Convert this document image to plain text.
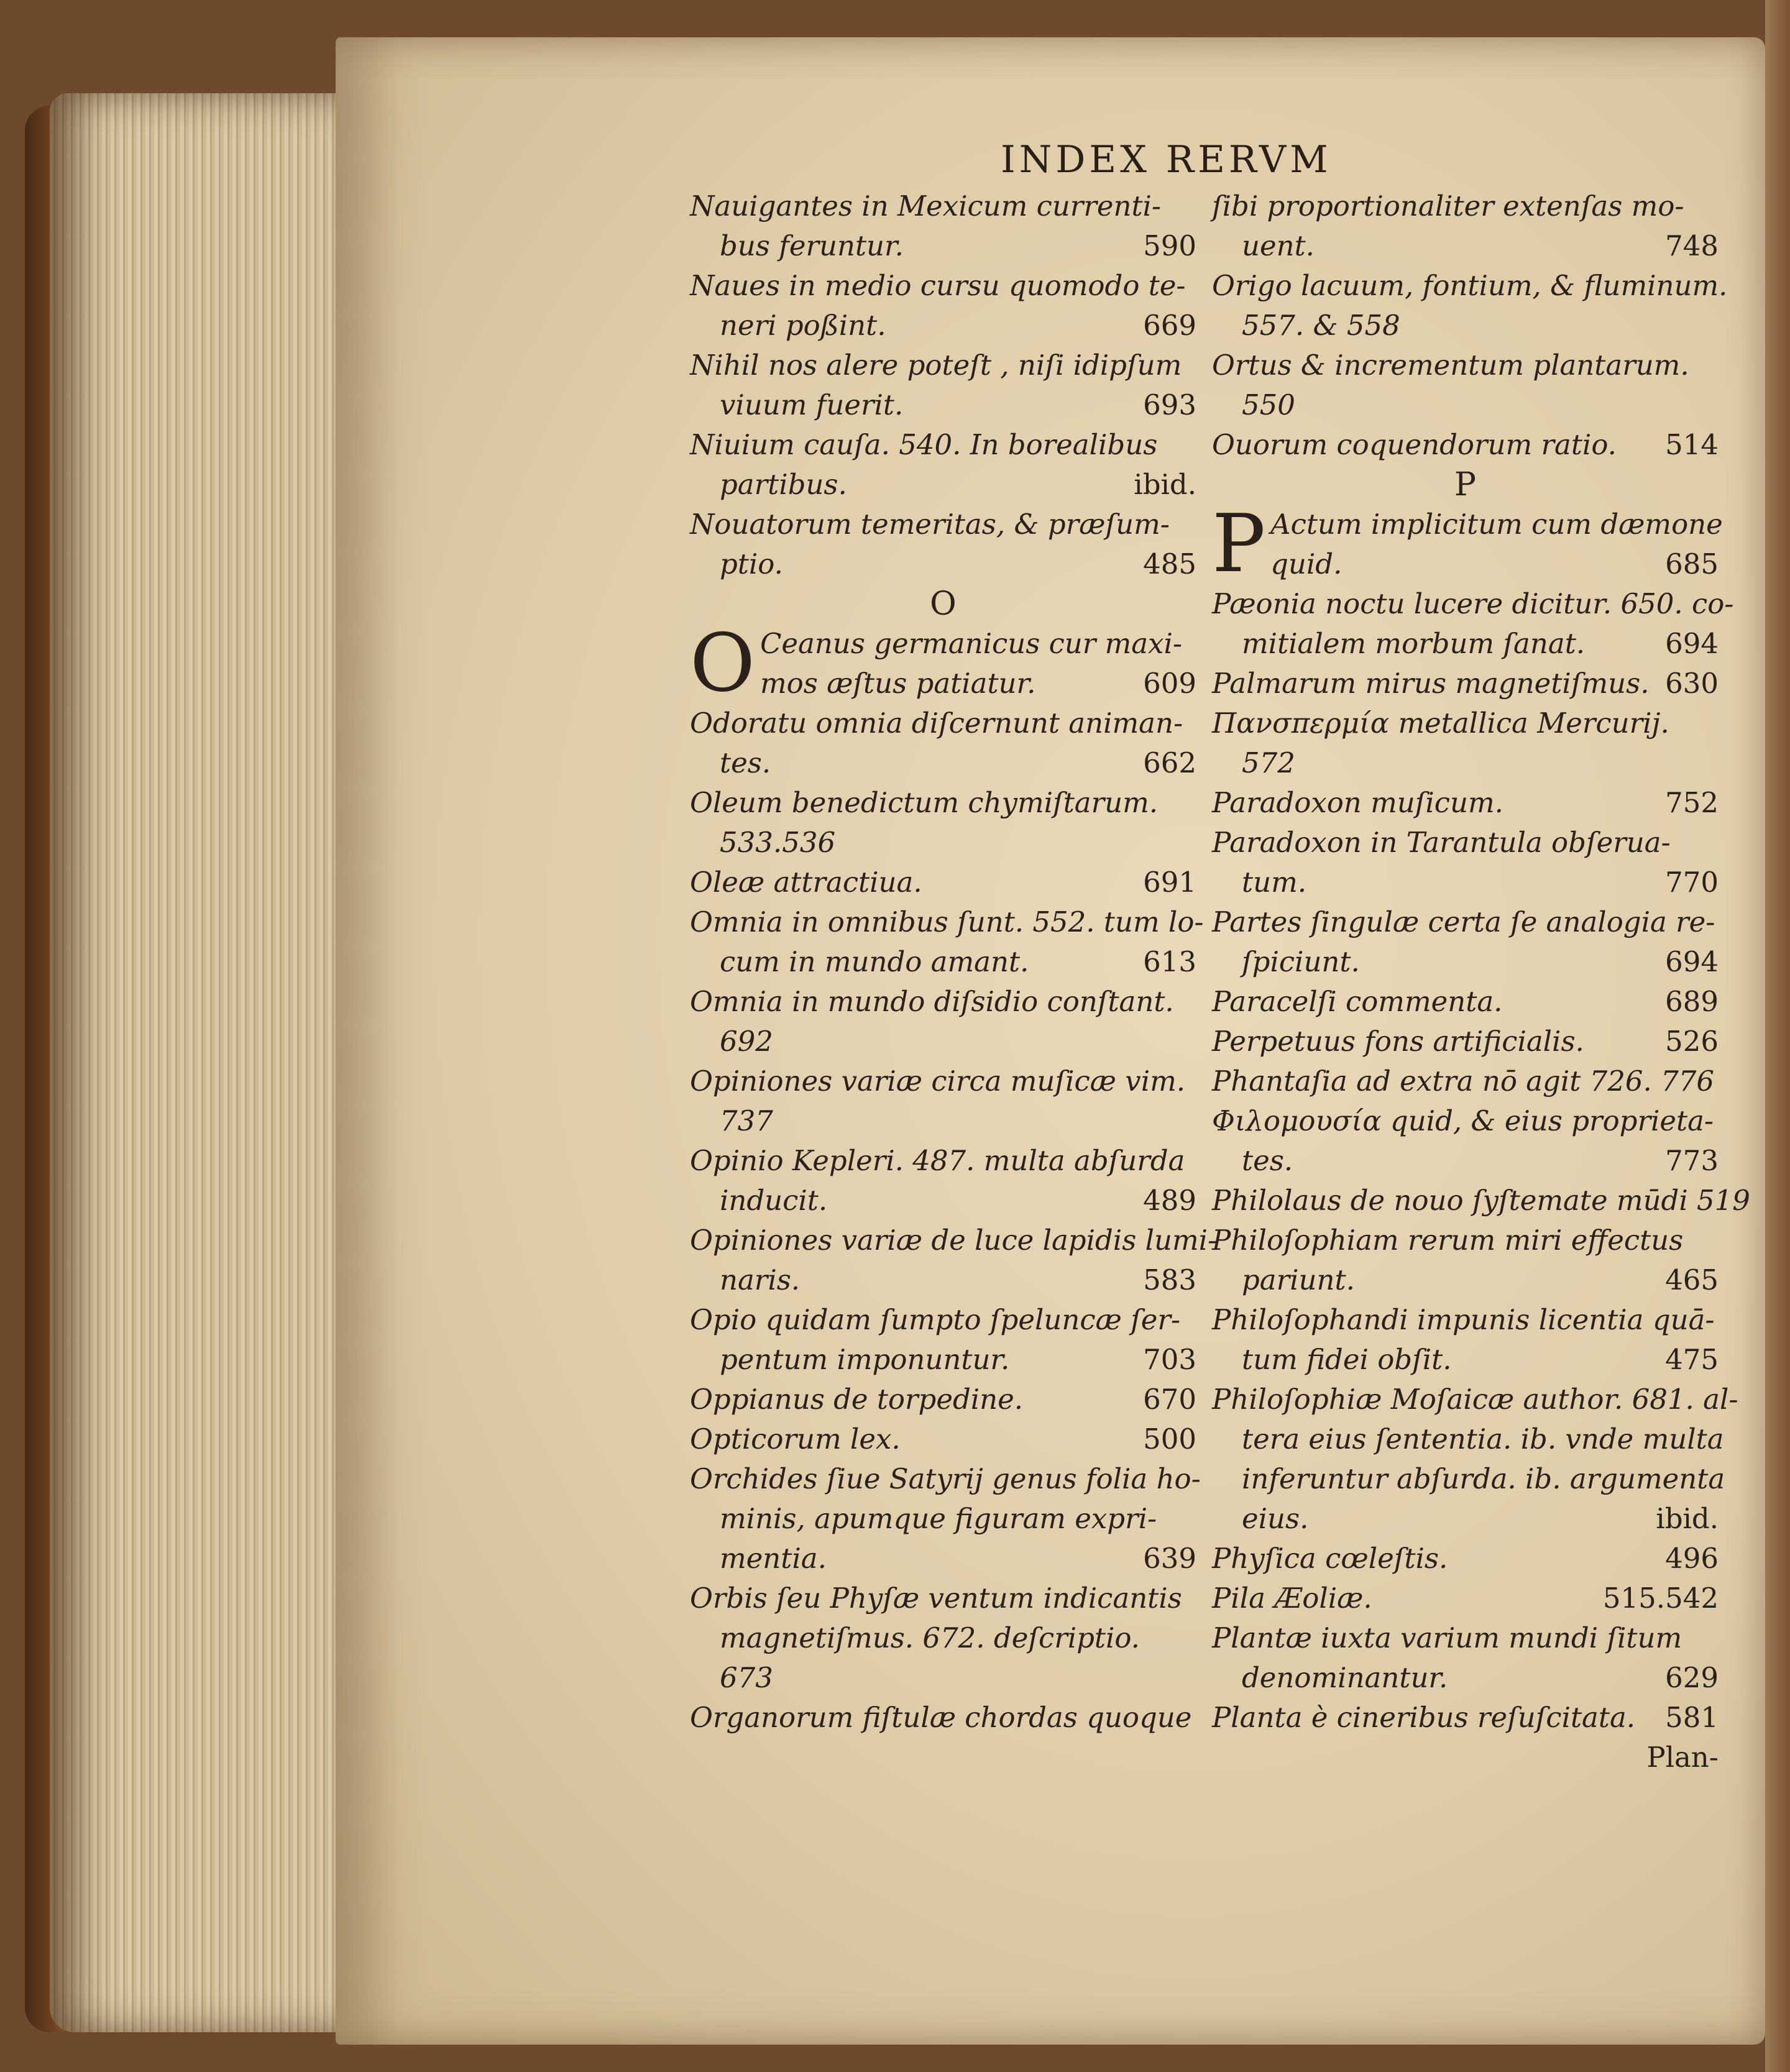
INDEX RERVM
Nauigantes in Mexicum currenti-
bus feruntur.	590
Naues in medio cursu quomodo te-
neri poßint.	669
Nihil nos alere poteſt , niſi idipſum
viuum fuerit.	693
Niuium cauſa. 540. In borealibus
partibus.	ibid.
Nouatorum temeritas, & præſum-
ptio.	485
O
O Ceanus germanicus cur maxi-
mos æſtus patiatur.	609
Odoratu omnia diſcernunt animan-
tes.	662
Oleum benedictum chymiſtarum.
533.536
Oleæ attractiua.	691
Omnia in omnibus ſunt. 552. tum lo-
cum in mundo amant.	613
Omnia in mundo diſsidio conſtant.
692
Opiniones variæ circa muſicæ vim.
737
Opinio Kepleri. 487. multa abſurda
inducit.	489
Opiniones variæ de luce lapidis lumi-
naris.	583
Opio quidam ſumpto ſpeluncæ ſer-
pentum imponuntur.	703
Oppianus de torpedine.	670
Opticorum lex.	500
Orchides ſiue Satyrij genus folia ho-
minis, apumque figuram expri-
mentia.	639
Orbis ſeu Phyſæ ventum indicantis
magnetiſmus. 672. deſcriptio.
673
Organorum fiſtulæ chordas quoque
ſibi proportionaliter extenſas mo-
uent.	748
Origo lacuum, fontium, & fluminum.
557. & 558
Ortus & incrementum plantarum.
550
Ouorum coquendorum ratio. 514
P
P Actum implicitum cum dæmone
quid.	685
Pæonia noctu lucere dicitur. 650. co-
mitialem morbum ſanat.	694
Palmarum mirus magnetiſmus. 630
Πανσπερμία metallica Mercurij.
572
Paradoxon muſicum.	752
Paradoxon in Tarantula obſerua-
tum.	770
Partes ſingulæ certa ſe analogia re-
ſpiciunt.	694
Paracelſi commenta.	689
Perpetuus fons artificialis.	526
Phantaſia ad extra nō agit 726. 776
Φιλομουσία quid, & eius proprieta-
tes.	773
Philolaus de nouo ſyſtemate mūdi 519
Philoſophiam rerum miri effectus
pariunt.	465
Philoſophandi impunis licentia quā-
tum fidei obſit.	475
Philoſophiæ Moſaicæ author. 681. al-
tera eius ſententia. ib. vnde multa
inferuntur abſurda. ib. argumenta
eius.	ibid.
Phyſica cœleſtis.	496
Pila Æoliæ.	515.542
Plantæ iuxta varium mundi ſitum
denominantur.	629
Planta è cineribus reſuſcitata. 581
Plan-
